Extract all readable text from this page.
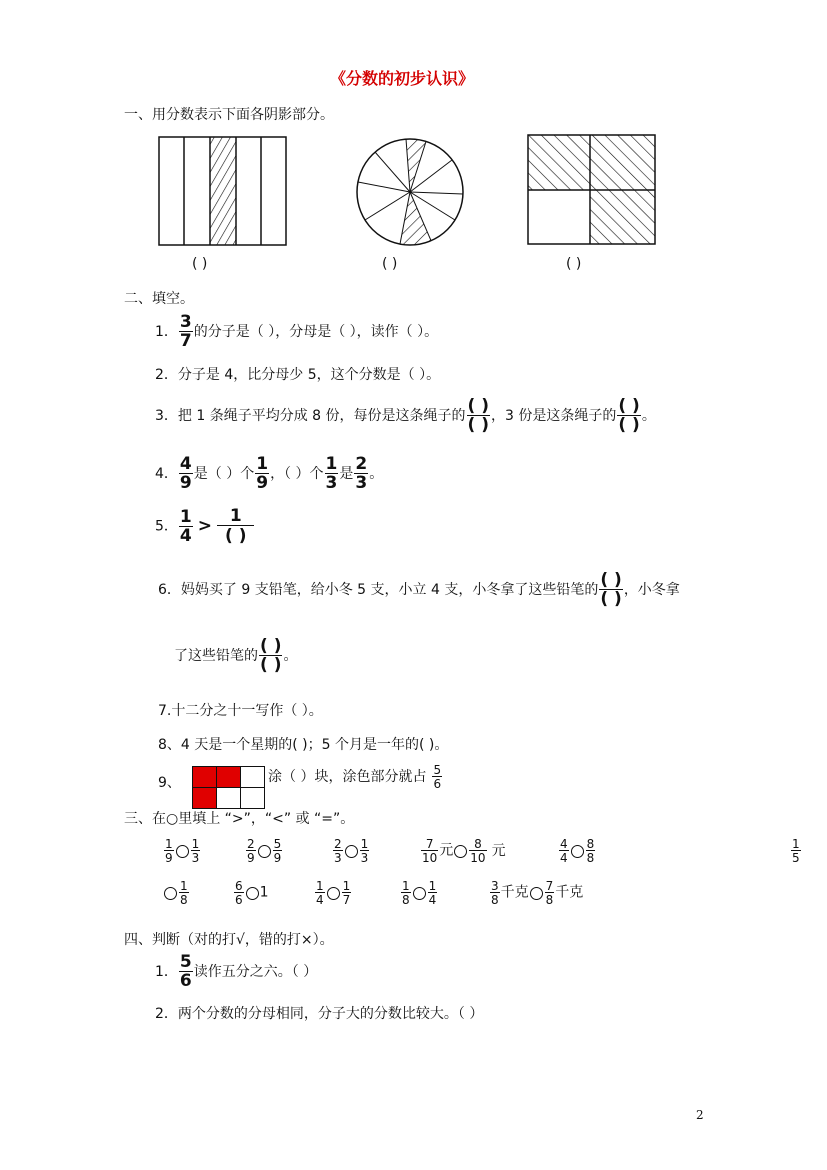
《分数的初步认识》
一、用分数表示下面各阴影部分。
( )	( )	( )
二、填空。
1． $\frac{3}{7}$ 的分子是（ ），分母是（ ），读作（ ）。
2．分子是 4，比分母少 5，这个分数是（ ）。
3．把 1 条绳子平均分成 8 份，每份是这条绳子的 ( )
( ) ，3 份是这条绳子的 ( )
( ) 。
4． $\frac{4}{9}$ 是（ ）个 $\frac{1}{9}$ ，（ ）个 $\frac{1}{3}$ 是 $\frac{2}{3}$ 。
5． $\frac{1}{4} > 1$
( )
6．妈妈买了 9 支铅笔，给小冬 5 支，小立 4 支，小冬拿了这些铅笔的 ( )
( ) ，小冬拿
了这些铅笔的 ( )
( ) 。
7.十二分之十一写作（ ）。
8、4 天是一个星期的( )；5 个月是一年的( )。
9、	涂（ ）块，涂色部分就占 $\frac{5}{6}$
三、在○里填上 “>”，“<” 或 “=”。
$\frac{1}{9} \frac{1}{3}$	$\frac{2}{9} \frac{5}{9}$	$\frac{2}{3} \frac{1}{3}$	$\frac{7}{10}$ 元 $\frac{8}{10}$ 元	$\frac{4}{4} \frac{8}{8}$	$\frac{1}{5}$
$\frac{1}{8}$	$\frac{6}{6} 1$	$\frac{1}{4} \frac{1}{7}$	$\frac{1}{8} \frac{1}{4}$	$\frac{3}{8}$ 千克 $\frac{7}{8}$ 千克
四、判断（对的打√，错的打×）。
1． $\frac{5}{6}$ 读作五分之六。（ ）
2．两个分数的分母相同，分子大的分数比较大。（ ）
2
